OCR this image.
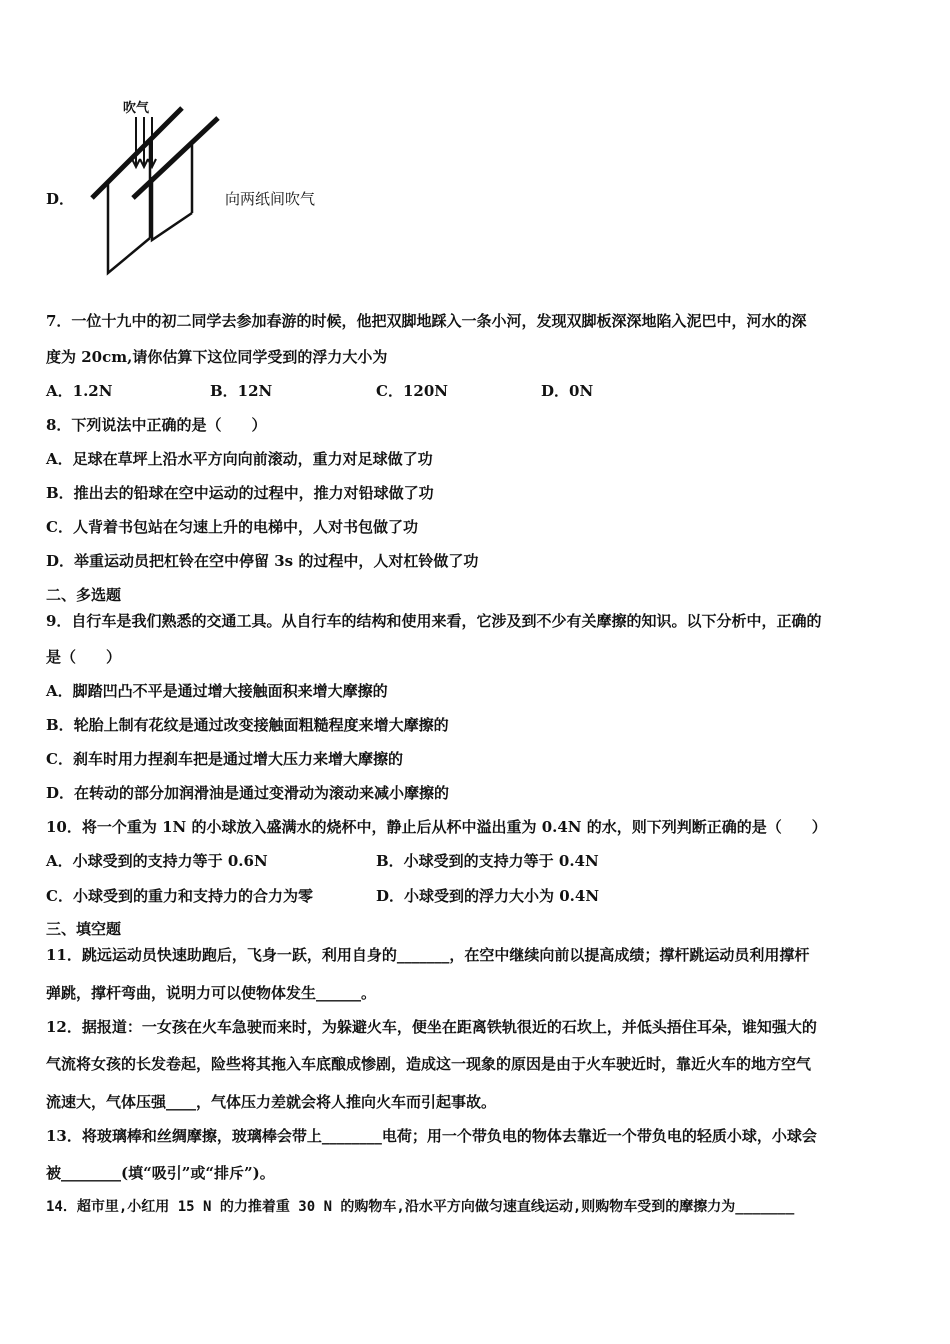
吹气
D．	向两纸间吹气
7．一位十九中的初二同学去参加春游的时候，他把双脚地踩入一条小河，发现双脚板深深地陷入泥巴中，河水的深
度为 20cm,请你估算下这位同学受到的浮力大小为
A．1.2N	B．12N	C．120N	D．0N
8．下列说法中正确的是（　　）
A．足球在草坪上沿水平方向向前滚动，重力对足球做了功
B．推出去的铅球在空中运动的过程中，推力对铅球做了功
C．人背着书包站在匀速上升的电梯中，人对书包做了功
D．举重运动员把杠铃在空中停留 3s 的过程中，人对杠铃做了功
二、多选题
9．自行车是我们熟悉的交通工具。从自行车的结构和使用来看，它涉及到不少有关摩擦的知识。以下分析中，正确的
是（　　）
A．脚踏凹凸不平是通过增大接触面积来增大摩擦的
B．轮胎上制有花纹是通过改变接触面粗糙程度来增大摩擦的
C．刹车时用力捏刹车把是通过增大压力来增大摩擦的
D．在转动的部分加润滑油是通过变滑动为滚动来减小摩擦的
10．将一个重为 1N 的小球放入盛满水的烧杯中，静止后从杯中溢出重为 0.4N 的水，则下列判断正确的是（　　）
A．小球受到的支持力等于 0.6N	B．小球受到的支持力等于 0.4N
C．小球受到的重力和支持力的合力为零	D．小球受到的浮力大小为 0.4N
三、填空题
11．跳远运动员快速助跑后，飞身一跃，利用自身的_______，在空中继续向前以提高成绩；撑杆跳运动员利用撑杆
弹跳，撑杆弯曲，说明力可以使物体发生______。
12．据报道：一女孩在火车急驶而来时，为躲避火车，便坐在距离铁轨很近的石坎上，并低头捂住耳朵，谁知强大的
气流将女孩的长发卷起，险些将其拖入车底酿成惨剧，造成这一现象的原因是由于火车驶近时，靠近火车的地方空气
流速大，气体压强____，气体压力差就会将人推向火车而引起事故。
13．将玻璃棒和丝绸摩擦，玻璃棒会带上________电荷；用一个带负电的物体去靠近一个带负电的轻质小球，小球会
被________(填“吸引”或“排斥”)。
14．超市里,小红用 15 N 的力推着重 30 N 的购物车,沿水平方向做匀速直线运动,则购物车受到的摩擦力为_______
